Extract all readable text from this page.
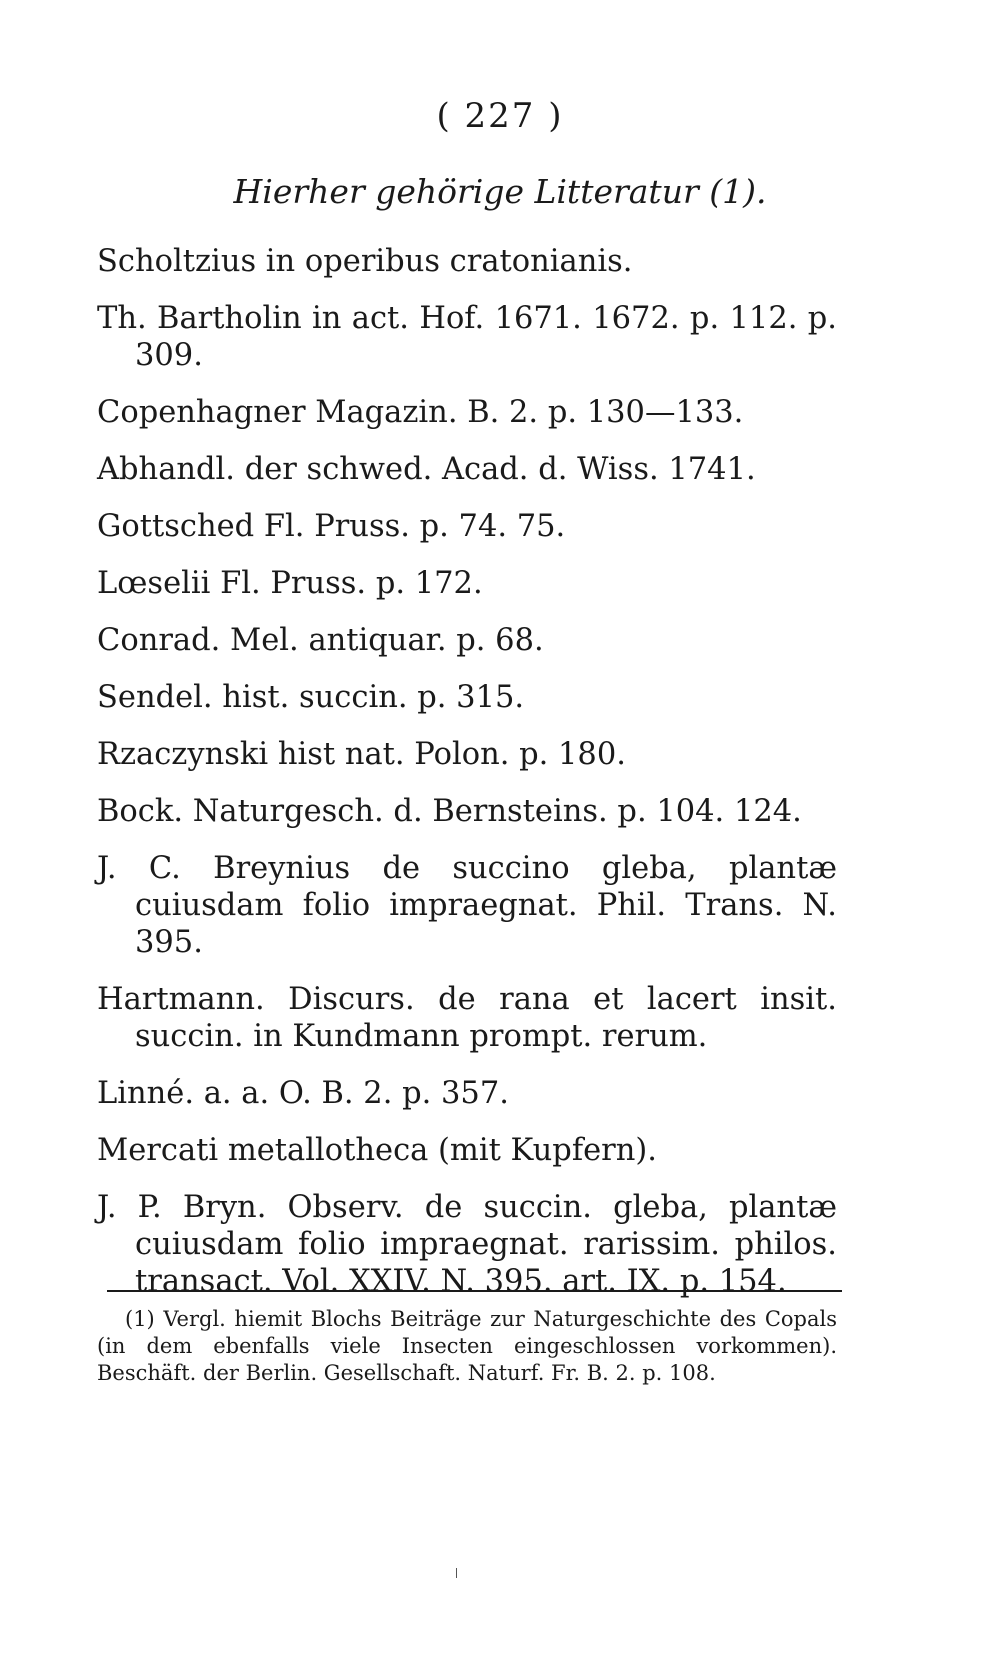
( 227 )
Hierher gehörige Litteratur (1).
Scholtzius in operibus cratonianis.
Th. Bartholin in act. Hof. 1671. 1672. p. 112. p. 309.
Copenhagner Magazin. B. 2. p. 130—133.
Abhandl. der schwed. Acad. d. Wiss. 1741.
Gottsched Fl. Pruss. p. 74. 75.
Lœselii Fl. Pruss. p. 172.
Conrad. Mel. antiquar. p. 68.
Sendel. hist. succin. p. 315.
Rzaczynski hist nat. Polon. p. 180.
Bock. Naturgesch. d. Bernsteins. p. 104. 124.
J. C. Breynius de succino gleba, plantæ cuiusdam folio impraegnat. Phil. Trans. N. 395.
Hartmann. Discurs. de rana et lacert insit. succin. in Kundmann prompt. rerum.
Linné. a. a. O. B. 2. p. 357.
Mercati metallotheca (mit Kupfern).
J. P. Bryn. Observ. de succin. gleba, plantæ cuiusdam folio impraegnat. rarissim. philos. transact. Vol. XXIV. N. 395. art. IX. p. 154.
(1) Vergl. hiemit Blochs Beiträge zur Naturgeschichte des Copals (in dem ebenfalls viele Insecten eingeschlossen vorkommen). Beschäft. der Berlin. Gesellschaft. Naturf. Fr. B. 2. p. 108.
